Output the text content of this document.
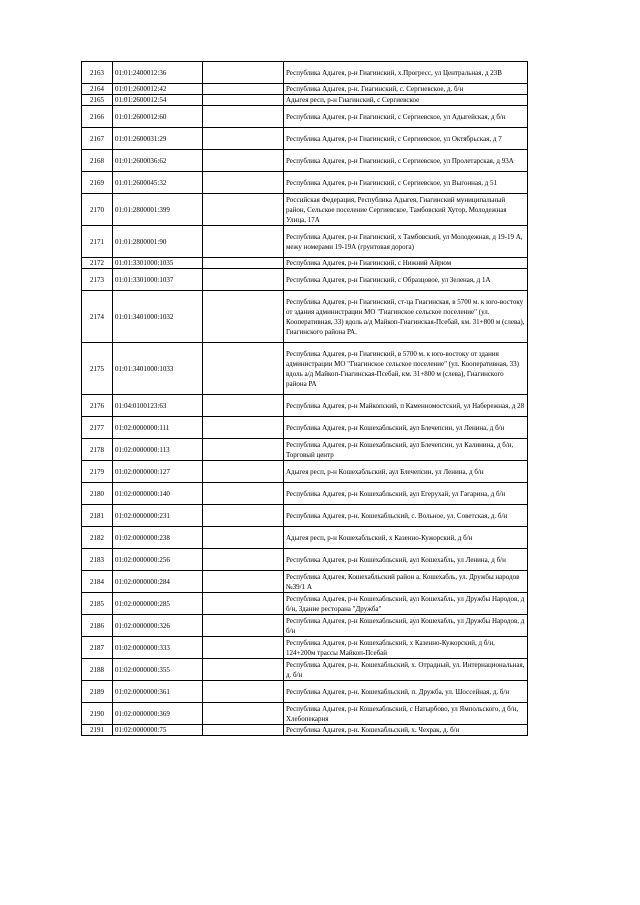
2163	01:01:2400012:36		Республика Адыгея, р-н Гиагинский, х.Прогресс, ул Центральная, д 23В
2164	01:01:2600012:42		Республика Адыгея, р-н. Гиагинский, с. Сергиевское, д. б/н
2165	01:01:2600012:54		Адыгея респ, р-н Гиагинский, с Сергиевское
2166	01:01:2600012:60		Республика Адыгея, р-н Гиагинский, с Сергиевское, ул Адыгейская, д б/н
2167	01:01:2600031:29		Республика Адыгея, р-н Гиагинский, с Сергиевское, ул Октябрьская, д 7
2168	01:01:2600036:62		Республика Адыгея, р-н Гиагинский, с Сергиевское, ул Пролетарская, д 93А
2169	01:01:2600045:32		Республика Адыгея, р-н Гиагинский, с Сергиевское, ул Выгонная, д 51
2170	01:01:2800001:399		Российская Федерация, Республика Адыгея, Гиагинский муниципальный район, Сельское поселение Сергиевское, Тамбовский Хутор, Молодежная Улица, 17А
2171	01:01:2800001:90		Республика Адыгея, р-н Гиагинский, х Тамбовский, ул Молодежная, д 19-19 А, межу номерами 19-19А (грунтовая дорога)
2172	01:01:3301000:1035		Республика Адыгея, р-н Гиагинский, с Нижний Айрюм
2173	01:01:3301000:1037		Республика Адыгея, р-н Гиагинский, с Образцовое, ул Зеленая, д 1А
2174	01:01:3401000:1032		Республика Адыгея, р-н Гиагинский, ст-ца Гиагинская, в 5700 м. к юго-востоку от здания администрации МО "Гиагинское сельское поселение" (ул. Кооперативная, 33) вдоль а/д Майкоп-Гиагинская-Псебай, км. 31+800 м (слева), Гиагинского района РА.
2175	01:01:3401000:1033		Республика Адыгея, р-н Гиагинский, в 5700 м. к юго-востоку от здания администрации МО "Гиагинское сельское поселение" (ул. Кооперативная, 33) вдоль а/д Майкоп-Гиагинская-Псебай, км. 31+800 м (слева), Гиагинского района РА
2176	01:04:0100123:63		Республика Адыгея, р-н Майкопский, п Каменномостский, ул Набережная, д 28
2177	01:02:0000000:111		Республика Адыгея, р-н Кошехабльский, аул Блечепсин, ул Ленина, д б/н
2178	01:02:0000000:113		Республика Адыгея, р-н Кошехабльский, аул Блечепсин, ул Калинина, д б/н, Торговый центр
2179	01:02:0000000:127		Адыгея респ, р-н Кошехабльский, аул Блечепсин, ул Ленина, д б/н
2180	01:02:0000000:140		Республика Адыгея, р-н Кошехабльский, аул Егерухай, ул Гагарина, д б/н
2181	01:02:0000000:231		Республика Адыгея, р-н. Кошехабльский, с. Вольное, ул. Советская, д. б/н
2182	01:02:0000000:238		Адыгея респ, р-н Кошехабльский, х Казенно-Кужорский, д б/н
2183	01:02:0000000:256		Республика Адыгея, р-н Кошехабльский, аул Кошехабль, ул Ленина, д б/н
2184	01:02:0000000:284		Республика Адыгея, Кошехабльский район а. Кошехабль, ул. Дружбы народов №39/1 А
2185	01:02:0000000:285		Республика Адыгея, р-н Кошехабльский, аул Кошехабль, ул Дружбы Народов, д б/н, Здание ресторана "Дружба"
2186	01:02:0000000:326		Республика Адыгея, р-н Кошехабльский, аул Кошехабль, ул Дружбы Народов, д б/н
2187	01:02:0000000:333		Республика Адыгея, р-н Кошехабльский, х Казенно-Кужорский, д б/н, 124+200м трассы Майкоп-Псебай
2188	01:02:0000000:355		Республика Адыгея, р-н. Кошехабльский, х. Отрадный, ул. Интернациональная, д. б/н
2189	01:02:0000000:361		Республика Адыгея, р-н. Кошехабльский, п. Дружба, ул. Шоссейная, д. б/н
2190	01:02:0000000:369		Республика Адыгея, р-н Кошехабльский, с Натырбово, ул Ямпольского, д б/н, Хлебопекарня
2191	01:02:0000000:75		Республика Адыгея, р-н. Кошехабльский, х. Чехрак, д. б/н
